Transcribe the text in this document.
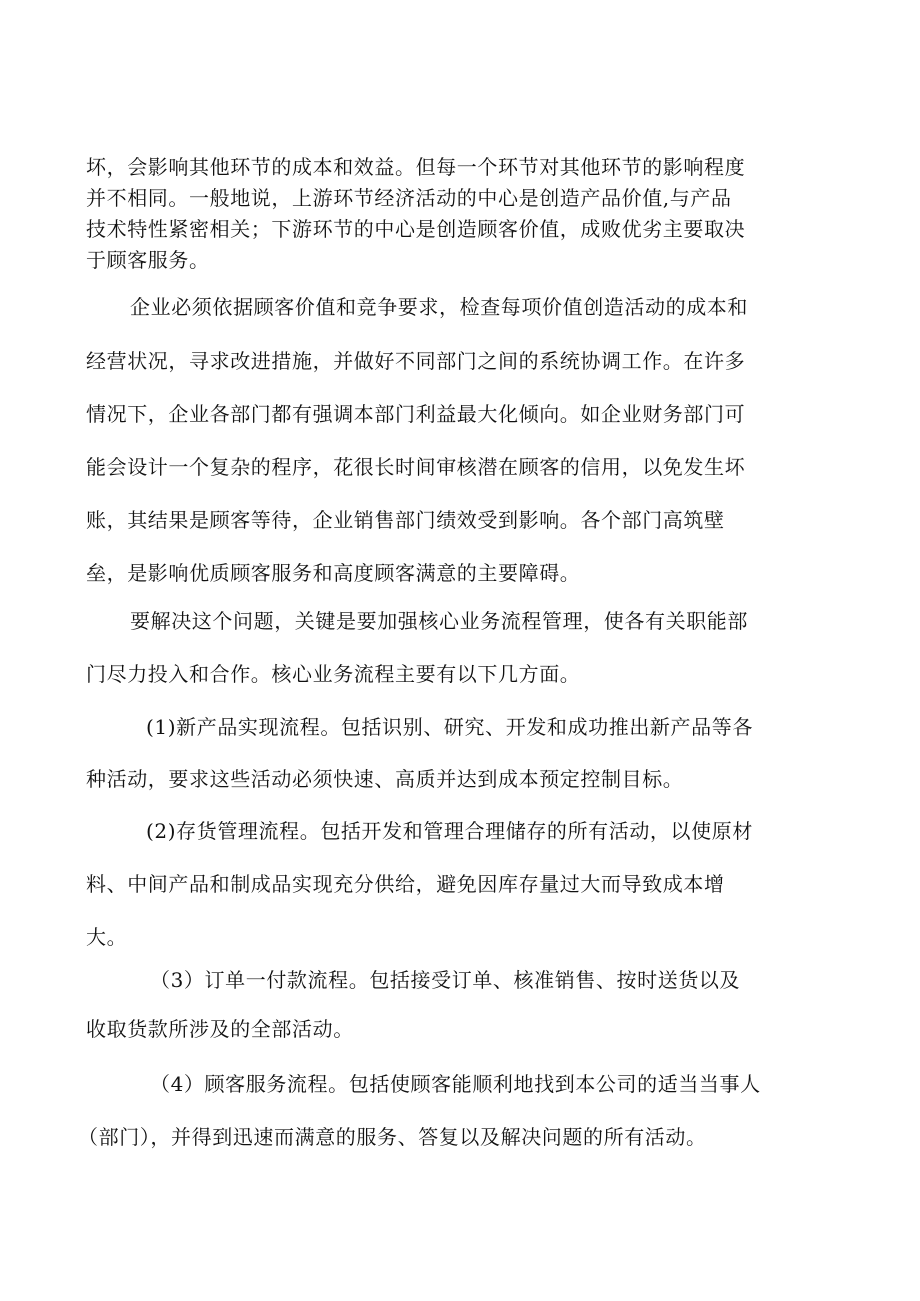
坏，会影响其他环节的成本和效益。但每一个环节对其他环节的影响程度
并不相同。一般地说，上游环节经济活动的中心是创造产品价值,与产品
技术特性紧密相关；下游环节的中心是创造顾客价值，成败优劣主要取决
于顾客服务。
企业必须依据顾客价值和竞争要求，检查每项价值创造活动的成本和
经营状况，寻求改进措施，并做好不同部门之间的系统协调工作。在许多
情况下，企业各部门都有强调本部门利益最大化倾向。如企业财务部门可
能会设计一个复杂的程序，花很长时间审核潜在顾客的信用，以免发生坏
账，其结果是顾客等待，企业销售部门绩效受到影响。各个部门高筑壁
垒，是影响优质顾客服务和高度顾客满意的主要障碍。
要解决这个问题，关键是要加强核心业务流程管理，使各有关职能部
门尽力投入和合作。核心业务流程主要有以下几方面。
(1)新产品实现流程。包括识别、研究、开发和成功推出新产品等各
种活动，要求这些活动必须快速、高质并达到成本预定控制目标。
(2)存货管理流程。包括开发和管理合理储存的所有活动，以使原材
料、中间产品和制成品实现充分供给，避免因库存量过大而导致成本增
大。
（3）订单一付款流程。包括接受订单、核准销售、按时送货以及
收取货款所涉及的全部活动。
（4）顾客服务流程。包括使顾客能顺利地找到本公司的适当当事人
（部门），并得到迅速而满意的服务、答复以及解决问题的所有活动。
